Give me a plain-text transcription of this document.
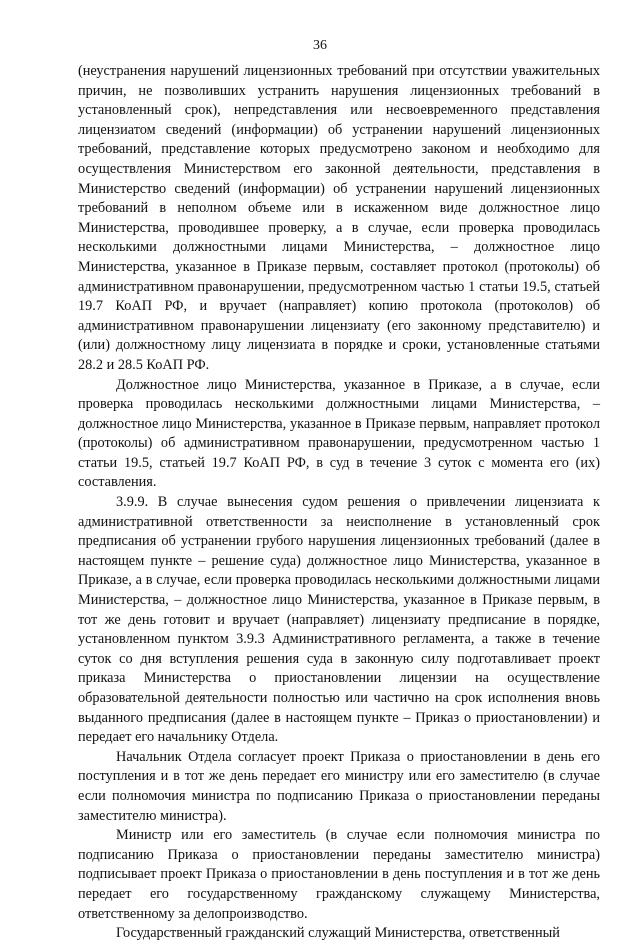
36

(неустранения нарушений лицензионных требований при отсутствии уважительных причин, не позволивших устранить нарушения лицензионных требований в установленный срок), непредставления или несвоевременного представления лицензиатом сведений (информации) об устранении нарушений лицензионных требований, представление которых предусмотрено законом и необходимо для осуществления Министерством его законной деятельности, представления в Министерство сведений (информации) об устранении нарушений лицензионных требований в неполном объеме или в искаженном виде должностное лицо Министерства, проводившее проверку, а в случае, если проверка проводилась несколькими должностными лицами Министерства, – должностное лицо Министерства, указанное в Приказе первым, составляет протокол (протоколы) об административном правонарушении, предусмотренном частью 1 статьи 19.5, статьей 19.7 КоАП РФ, и вручает (направляет) копию протокола (протоколов) об административном правонарушении лицензиату (его законному представителю) и (или) должностному лицу лицензиата в порядке и сроки, установленные статьями 28.2 и 28.5 КоАП РФ.

Должностное лицо Министерства, указанное в Приказе, а в случае, если проверка проводилась несколькими должностными лицами Министерства, – должностное лицо Министерства, указанное в Приказе первым, направляет протокол (протоколы) об административном правонарушении, предусмотренном частью 1 статьи 19.5, статьей 19.7 КоАП РФ, в суд в течение 3 суток с момента его (их) составления.

3.9.9. В случае вынесения судом решения о привлечении лицензиата к административной ответственности за неисполнение в установленный срок предписания об устранении грубого нарушения лицензионных требований (далее в настоящем пункте – решение суда) должностное лицо Министерства, указанное в Приказе, а в случае, если проверка проводилась несколькими должностными лицами Министерства, – должностное лицо Министерства, указанное в Приказе первым, в тот же день готовит и вручает (направляет) лицензиату предписание в порядке, установленном пунктом 3.9.3 Административного регламента, а также в течение суток со дня вступления решения суда в законную силу подготавливает проект приказа Министерства о приостановлении лицензии на осуществление образовательной деятельности полностью или частично на срок исполнения вновь выданного предписания (далее в настоящем пункте – Приказ о приостановлении) и передает его начальнику Отдела.

Начальник Отдела согласует проект Приказа о приостановлении в день его поступления и в тот же день передает его министру или его заместителю (в случае если полномочия министра по подписанию Приказа о приостановлении переданы заместителю министра).

Министр или его заместитель (в случае если полномочия министра по подписанию Приказа о приостановлении переданы заместителю министра) подписывает проект Приказа о приостановлении в день поступления и в тот же день передает его государственному гражданскому служащему Министерства, ответственному за делопроизводство.

Государственный гражданский служащий Министерства, ответственный
